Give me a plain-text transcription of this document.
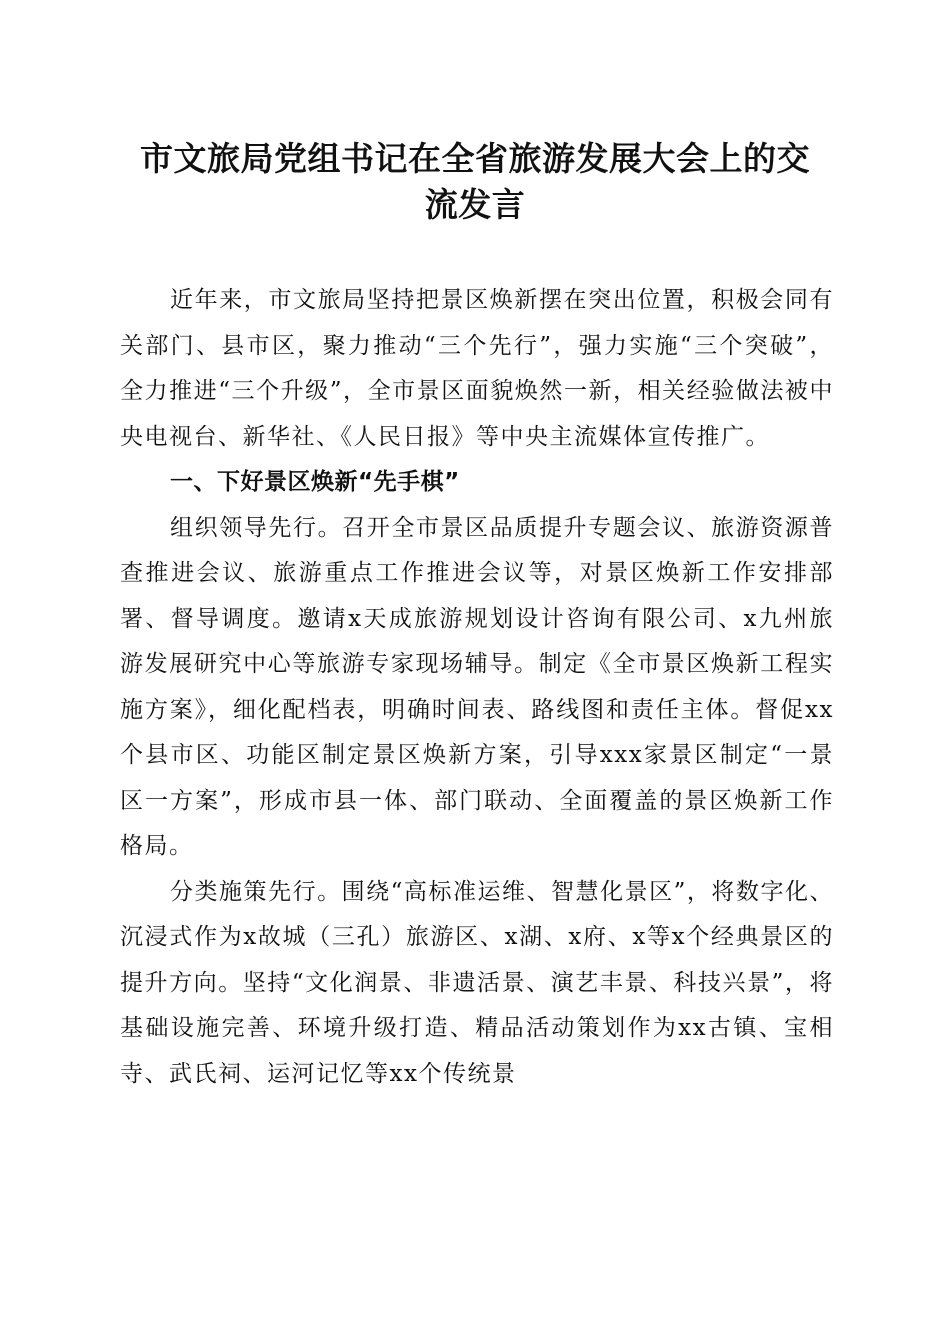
市文旅局党组书记在全省旅游发展大会上的交
流发言

近年来，市文旅局坚持把景区焕新摆在突出位置，积极会同有关部门、县市区，聚力推动“三个先行”，强力实施“三个突破”，全力推进“三个升级”，全市景区面貌焕然一新，相关经验做法被中央电视台、新华社、《人民日报》等中央主流媒体宣传推广。

一、下好景区焕新“先手棋”

组织领导先行。召开全市景区品质提升专题会议、旅游资源普查推进会议、旅游重点工作推进会议等，对景区焕新工作安排部署、督导调度。邀请x天成旅游规划设计咨询有限公司、x九州旅游发展研究中心等旅游专家现场辅导。制定《全市景区焕新工程实施方案》，细化配档表，明确时间表、路线图和责任主体。督促xx个县市区、功能区制定景区焕新方案，引导xxx家景区制定“一景区一方案”，形成市县一体、部门联动、全面覆盖的景区焕新工作格局。

分类施策先行。围绕“高标准运维、智慧化景区”，将数字化、沉浸式作为x故城（三孔）旅游区、x湖、x府、x等x个经典景区的提升方向。坚持“文化润景、非遗活景、演艺丰景、科技兴景”，将基础设施完善、环境升级打造、精品活动策划作为xx古镇、宝相寺、武氏祠、运河记忆等xx个传统景
